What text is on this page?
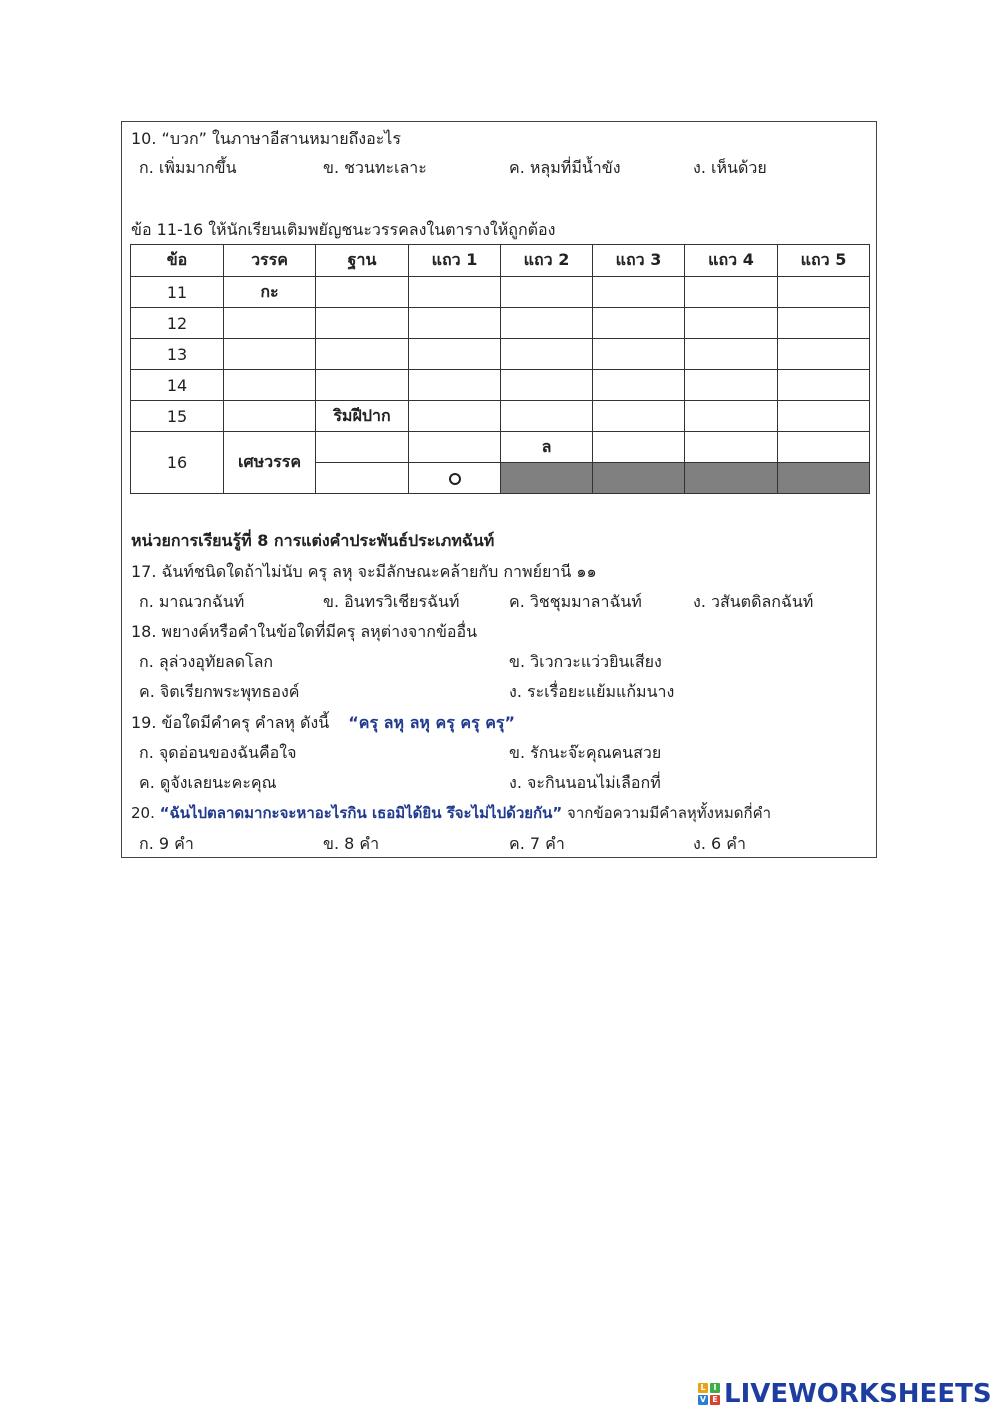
10. “บวก” ในภาษาอีสานหมายถึงอะไร
ก. เพิ่มมากขึ้น	ข. ชวนทะเลาะ	ค. หลุมที่มีน้ำขัง	ง. เห็นด้วย
ข้อ 11-16 ให้นักเรียนเติมพยัญชนะวรรคลงในตารางให้ถูกต้อง
ข้อ	วรรค	ฐาน	แถว 1	แถว 2	แถว 3	แถว 4	แถว 5
11	กะ						
12							
13							
14							
15		ริมฝีปาก					
16	เศษวรรค			ล			

หน่วยการเรียนรู้ที่ 8 การแต่งคำประพันธ์ประเภทฉันท์
17. ฉันท์ชนิดใดถ้าไม่นับ ครุ ลหุ จะมีลักษณะคล้ายกับ กาพย์ยานี ๑๑
ก. มาณวกฉันท์	ข. อินทรวิเชียรฉันท์	ค. วิชชุมมาลาฉันท์	ง. วสันตดิลกฉันท์
18. พยางค์หรือคำในข้อใดที่มีครุ ลหุต่างจากข้ออื่น
ก. ลุล่วงอุทัยลดโลก	ข. วิเวกวะแว่วยินเสียง
ค. จิตเรียกพระพุทธองค์	ง. ระเรื่อยะแย้มแก้มนาง
19. ข้อใดมีคำครุ คำลหุ ดังนี้ “ครุ ลหุ ลหุ ครุ ครุ ครุ”
ก. จุดอ่อนของฉันคือใจ	ข. รักนะจ๊ะคุณคนสวย
ค. ดูจังเลยนะคะคุณ	ง. จะกินนอนไม่เลือกที่
20. “ฉันไปตลาดมากะจะหาอะไรกิน เธอมิได้ยิน รึจะไม่ไปด้วยกัน” จากข้อความมีคำลหุทั้งหมดกี่คำ
ก. 9 คำ	ข. 8 คำ	ค. 7 คำ	ง. 6 คำ
L I
V E LIVEWORKSHEETS
